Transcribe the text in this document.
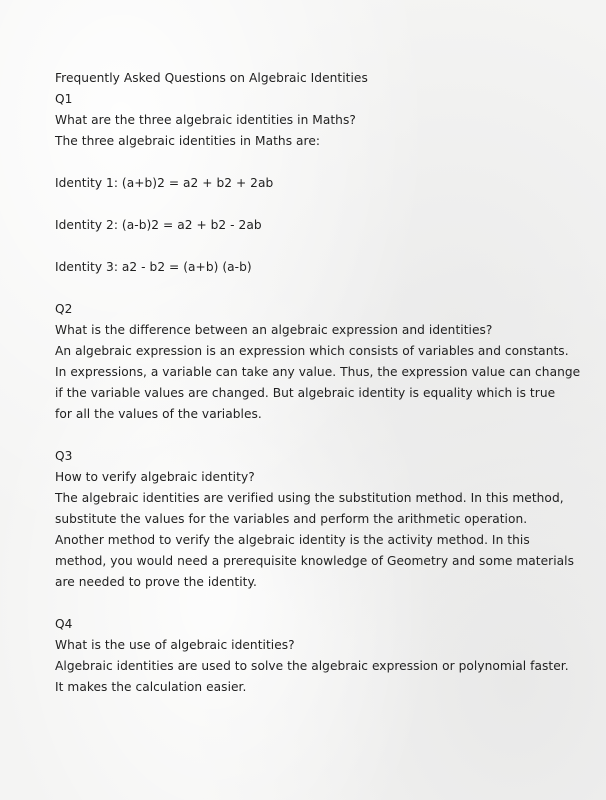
Frequently Asked Questions on Algebraic Identities
Q1
What are the three algebraic identities in Maths?
The three algebraic identities in Maths are:
Identity 1: (a+b)2 = a2 + b2 + 2ab
Identity 2: (a-b)2 = a2 + b2 - 2ab
Identity 3: a2 - b2 = (a+b) (a-b)
Q2
What is the difference between an algebraic expression and identities?
An algebraic expression is an expression which consists of variables and constants.
In expressions, a variable can take any value. Thus, the expression value can change
if the variable values are changed. But algebraic identity is equality which is true
for all the values of the variables.
Q3
How to verify algebraic identity?
The algebraic identities are verified using the substitution method. In this method,
substitute the values for the variables and perform the arithmetic operation.
Another method to verify the algebraic identity is the activity method. In this
method, you would need a prerequisite knowledge of Geometry and some materials
are needed to prove the identity.
Q4
What is the use of algebraic identities?
Algebraic identities are used to solve the algebraic expression or polynomial faster.
It makes the calculation easier.
